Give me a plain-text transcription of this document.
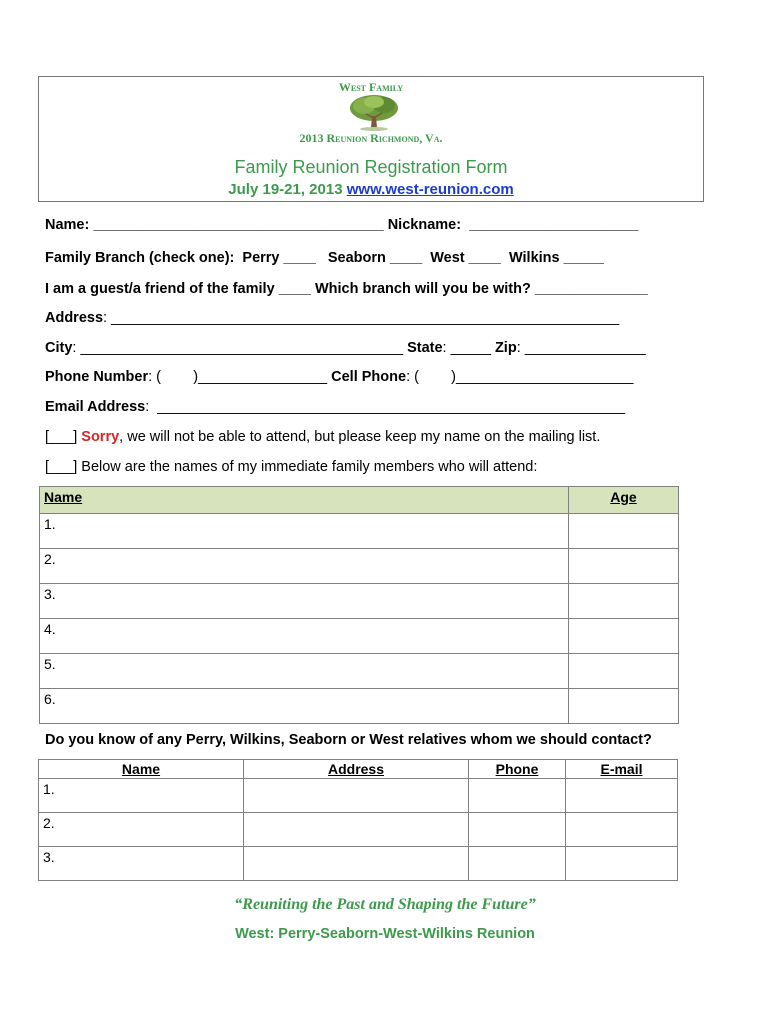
West Family
2013 Reunion Richmond, Va.
Family Reunion Registration Form
July 19-21, 2013 www.west-reunion.com
Name: ____________________________________ Nickname:  _____________________
Family Branch (check one):  Perry ____   Seaborn ____  West ____  Wilkins _____
I am a guest/a friend of the family ____ Which branch will you be with? ______________
Address: _______________________________________________________________
City: ________________________________________ State: _____ Zip: _______________
Phone Number: (        )________________ Cell Phone: (        )______________________
Email Address:  __________________________________________________________
[___] Sorry, we will not be able to attend, but please keep my name on the mailing list.
[___] Below are the names of my immediate family members who will attend:
Name	Age
1.	
2.	
3.	
4.	
5.	
6.	
Do you know of any Perry, Wilkins, Seaborn or West relatives whom we should contact?
Name	Address	Phone	E-mail
1.			
2.			
3.			
“Reuniting the Past and Shaping the Future”
West: Perry-Seaborn-West-Wilkins Reunion
